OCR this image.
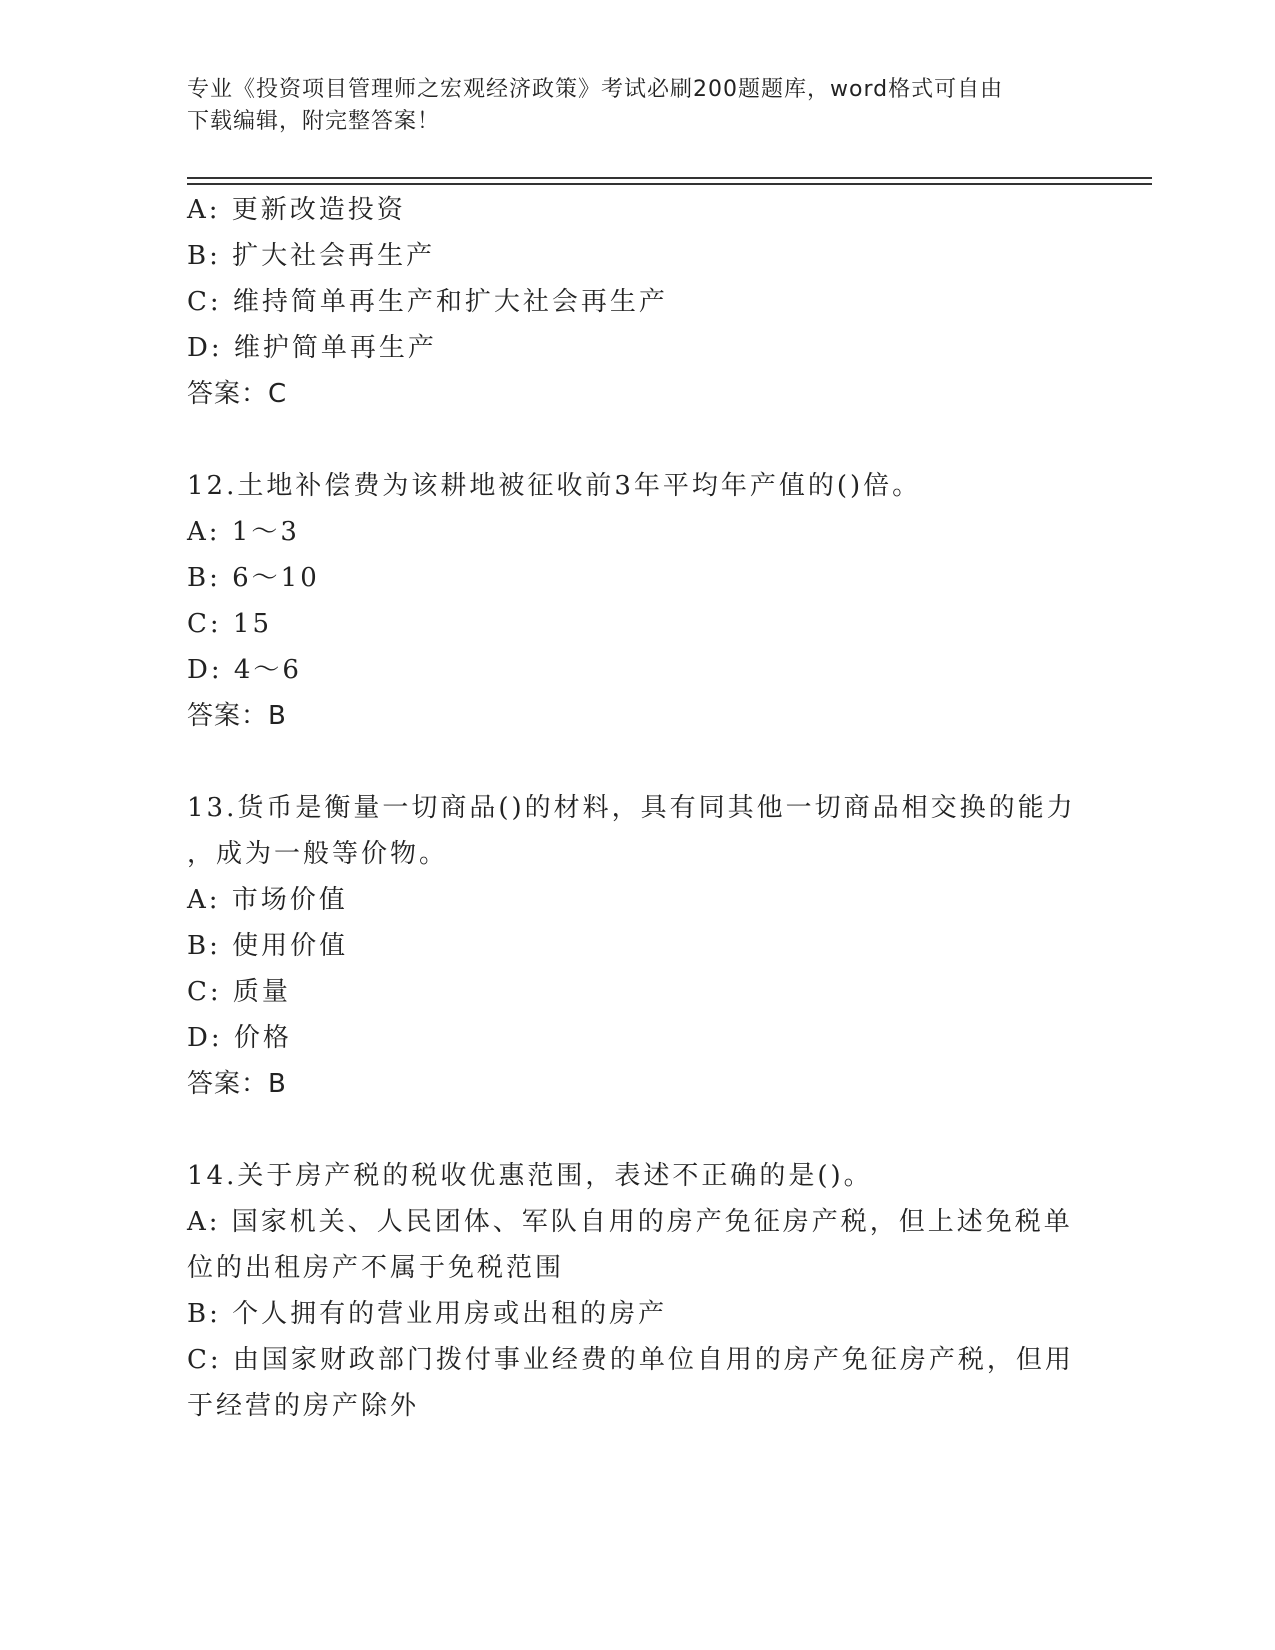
专业《投资项目管理师之宏观经济政策》考试必刷200题题库，word格式可自由
下载编辑，附完整答案！
A: 更新改造投资
B: 扩大社会再生产
C: 维持简单再生产和扩大社会再生产
D: 维护简单再生产
答案：C
12.土地补偿费为该耕地被征收前3年平均年产值的()倍。
A: 1～3
B: 6～10
C: 15
D: 4～6
答案：B
13.货币是衡量一切商品()的材料，具有同其他一切商品相交换的能力
，成为一般等价物。
A: 市场价值
B: 使用价值
C: 质量
D: 价格
答案：B
14.关于房产税的税收优惠范围，表述不正确的是()。
A: 国家机关、人民团体、军队自用的房产免征房产税，但上述免税单
位的出租房产不属于免税范围
B: 个人拥有的营业用房或出租的房产
C: 由国家财政部门拨付事业经费的单位自用的房产免征房产税，但用
于经营的房产除外
